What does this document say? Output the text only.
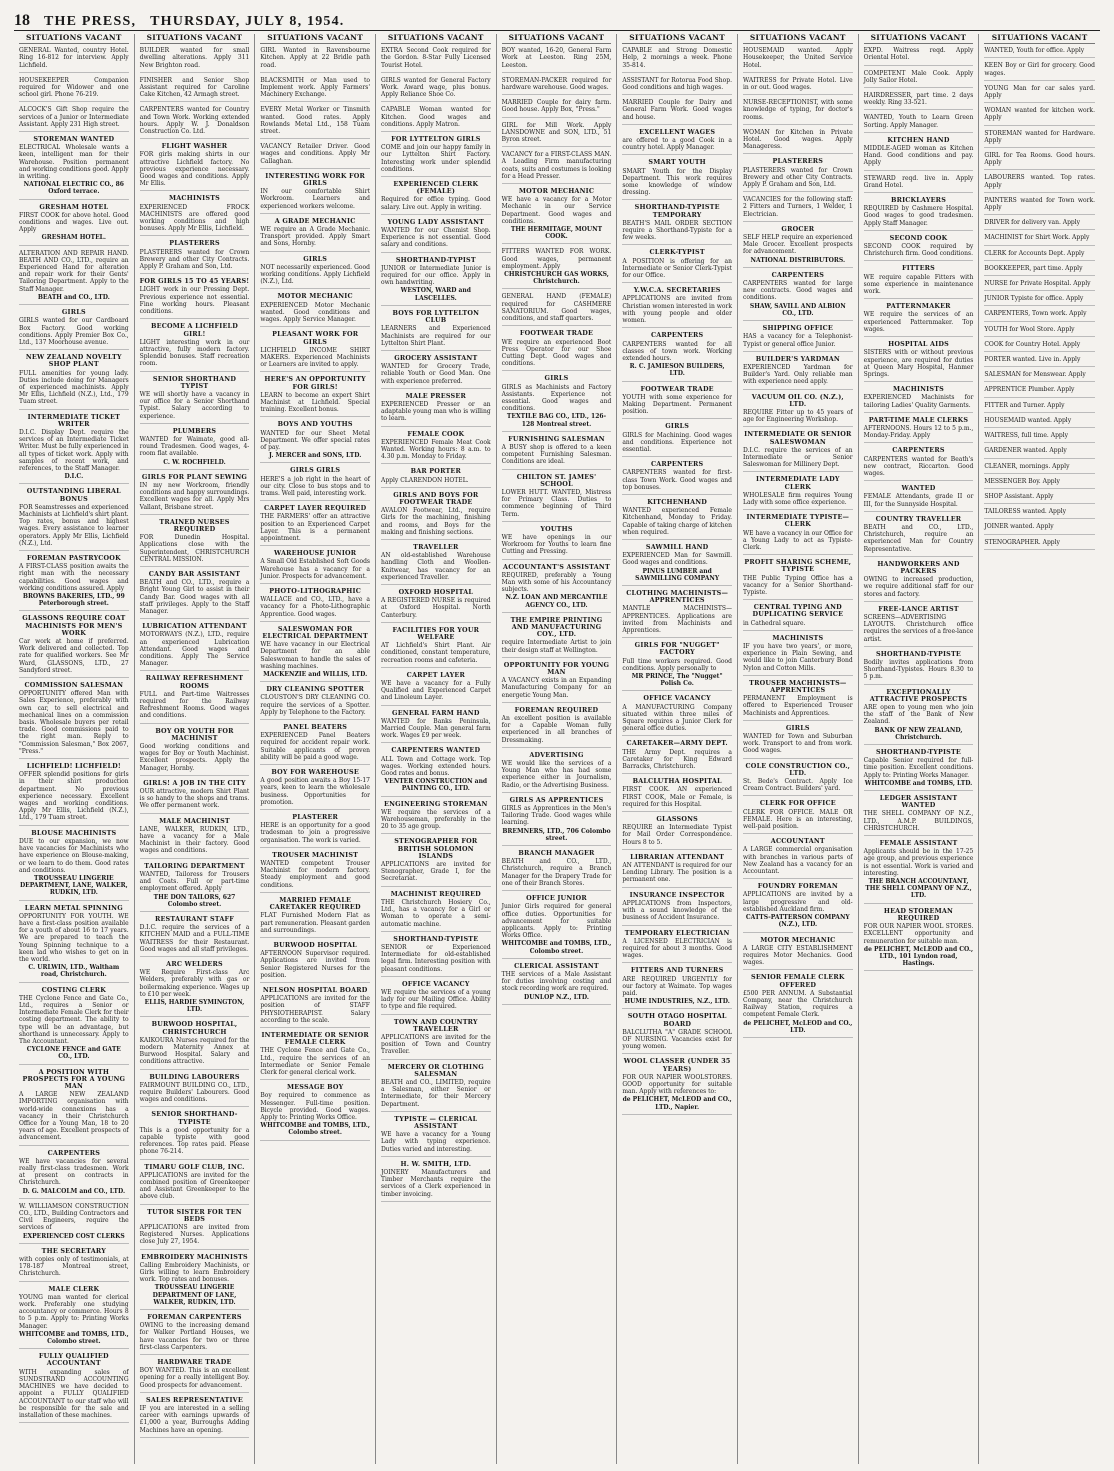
18 THE PRESS, THURSDAY, JULY 8, 1954.
SITUATIONS VACANT
GENERAL Wanted, country Hotel. Ring 16-812 for interview. Apply Lichfield.
HOUSEKEEPER Companion required for Widower and one school girl. Phone 76-219.
ALCOCK'S Gift Shop require the services of a Junior or Intermediate Assistant. Apply 231 High street.
STOREMAN WANTED
ELECTRICAL Wholesale wants a keen, intelligent man for their Warehouse. Position permanent and working conditions good. Apply in writing.
NATIONAL ELECTRIC CO., 86 Oxford terrace.
GRESHAM HOTEL
FIRST COOK for above hotel. Good conditions and wages. Live out. Apply
GRESHAM HOTEL.
ALTERATION AND REPAIR HAND. BEATH AND CO., LTD., require an Experienced Hand for alteration and repair work for their Gents' Tailoring Department. Apply to the Staff Manager.
BEATH and CO., LTD.
GIRLS
GIRLS wanted for our Cardboard Box Factory. Good working conditions. Apply Premier Box Co., Ltd., 137 Moorhouse avenue.
NEW ZEALAND NOVELTY SHOP PLANT
FULL amenities for young lady. Duties include doing for Managers of experienced machinists. Apply Mr Ellis, Lichfield (N.Z.), Ltd., 179 Tuam street.
INTERMEDIATE TICKET WRITER
D.I.C. Display Dept. require the services of an Intermediate Ticket Writer. Must be fully experienced in all types of ticket work. Apply with samples of recent work, and references, to the Staff Manager.
D.I.C.
OUTSTANDING LIBERAL BONUS
FOR Seamstresses and experienced Machinists at Lichfield's shirt plant. Top rates, bonus and highest wages. Every assistance to learner operators. Apply Mr Ellis, Lichfield (N.Z.), Ltd.
FOREMAN PASTRYCOOK
A FIRST-CLASS position awaits the right man with the necessary capabilities. Good wages and working conditions assured. Apply
BROWNS BAKERIES, LTD., 99 Peterborough street.
GLASSONS REQUIRE COAT MACHINISTS FOR MEN'S WORK
Car work at home if preferred. Work delivered and collected. Top rate for qualified workers. See Mr Ward, GLASSONS, LTD., 27 Sandyford street.
COMMISSION SALESMAN
OPPORTUNITY offered Man with Sales Experience, preferably with own car, to sell electrical and mechanical lines on a commission basis. Wholesale buyers per retail trade. Good commissions paid to the right man. Reply to "Commission Salesman," Box 2067, "Press."
LICHFIELD! LICHFIELD!
OFFER splendid positions for girls in their shirt production department. No previous experience necessary. Excellent wages and working conditions. Apply Mr Ellis, Lichfield (N.Z.), Ltd., 179 Tuam street.
BLOUSE MACHINISTS
DUE to our expansion, we now have vacancies for Machinists who have experience on Blouse-making, or we learn to do them. Good rates and conditions.
TROUSSEAU LINGERIE DEPARTMENT, LANE, WALKER, RUDKIN, LTD.
LEARN METAL SPINNING
OPPORTUNITY FOR YOUTH. WE have a first-class position available for a youth of about 16 to 17 years. We are prepared to teach the Young Spinning technique to a keen lad who wishes to get on in the world.
C. URLWIN, LTD., Waltham road, Christchurch.
COSTING CLERK
THE Cyclone Fence and Gate Co., Ltd., requires a Senior or Intermediate Female Clerk for their costing department. The ability to type will be an advantage, but shorthand is unnecessary. Apply to The Accountant.
CYCLONE FENCE and GATE CO., LTD.
A POSITION WITH PROSPECTS FOR A YOUNG MAN
A LARGE NEW ZEALAND IMPORTING organisation with world-wide connexions has a vacancy in their Christchurch Office for a Young Man, 18 to 20 years of age. Excellent prospects of advancement.
CARPENTERS
WE have vacancies for several really first-class tradesmen. Work at present on contracts in Christchurch.
D. G. MALCOLM and CO., LTD.
W. WILLIAMSON CONSTRUCTION CO., LTD., Building Contractors and Civil Engineers, require the services of
EXPERIENCED COST CLERKS
THE SECRETARY
with copies only of testimonials, at 178-187 Montreal street, Christchurch.
MALE CLERK
YOUNG man wanted for clerical work. Preferably one studying accountancy or commerce. Hours 8 to 5 p.m. Apply to: Printing Works Manager.
WHITCOMBE and TOMBS, LTD., Colombo street.
FULLY QUALIFIED ACCOUNTANT
WITH expanding sales of SUNDSTRAND ACCOUNTING MACHINES we have decided to appoint a FULLY QUALIFIED ACCOUNTANT to our staff who will be responsible for the sale and installation of these machines.
SITUATIONS VACANT
BUILDER wanted for small dwelling alterations. Apply 311 New Brighton road.
FINISHER and Senior Shop Assistant required for Caroline Cake Kitchen, 42 Armagh street.
CARPENTERS wanted for Country and Town Work. Working extended hours. Apply W. J. Donaldson Construction Co. Ltd.
FLIGHT WASHER
FOR girls making shirts in our attractive Lichfield factory. No previous experience necessary. Good wages and conditions. Apply Mr Ellis.
MACHINISTS
EXPERIENCED FROCK MACHINISTS are offered good working conditions and high bonuses. Apply Mr Ellis, Lichfield.
PLASTERERS
PLASTERERS wanted for Crown Brewery and other City Contracts. Apply P. Graham and Son, Ltd.
FOR GIRLS 15 TO 45 YEARS!
LIGHT work in our Pressing Dept. Previous experience not essential. Fine working hours. Pleasant conditions.
BECOME A LICHFIELD GIRL!
LIGHT interesting work in our attractive, fully modern factory. Splendid bonuses. Staff recreation room.
SENIOR SHORTHAND TYPIST
WE will shortly have a vacancy in our office for a Senior Shorthand Typist. Salary according to experience.
PLUMBERS
WANTED for Waimate, good all-round Tradesmen. Good wages, 4-room flat available.
C. W. ROCHFIELD.
GIRLS FOR PLANT SEWING
IN my new Workroom, friendly conditions and happy surroundings. Excellent wages for all. Apply Mrs Vallant, Brisbane street.
TRAINED NURSES REQUIRED
FOR Dunedin Hospital. Applications close with the Superintendent, CHRISTCHURCH CENTRAL MISSION.
CANDY BAR ASSISTANT
BEATH and CO., LTD., require a Bright Young Girl to assist in their Candy Bar. Good wages with all staff privileges. Apply to the Staff Manager.
LUBRICATION ATTENDANT
MOTORWAYS (N.Z.), LTD., require an experienced Lubrication Attendant. Good wages and conditions. Apply The Service Manager.
RAILWAY REFRESHMENT ROOMS
FULL and Part-time Waitresses required for the Railway Refreshment Rooms. Good wages and conditions.
BOY OR YOUTH FOR MACHINIST
Good working conditions and wages for Boy or Youth Machinist. Excellent prospects. Apply the Manager, Hornby.
GIRLS! A JOB IN THE CITY
OUR attractive, modern Shirt Plant is so handy to the shops and trams. We offer permanent work.
MALE MACHINIST
LANE, WALKER, RUDKIN, LTD., have a vacancy for a Male Machinist in their factory. Good wages and conditions.
TAILORING DEPARTMENT
WANTED, Tailoress for Trousers and Coats. Full or part-time employment offered. Apply
THE DON TAILORS, 627 Colombo street.
RESTAURANT STAFF
D.I.C. require the services of a KITCHEN MAID and a FULL-TIME WAITRESS for their Restaurant. Good wages and all staff privileges.
ARC WELDERS
WE Require First-class Arc Welders, preferably with gas or boilermaking experience. Wages up to £10 per week.
ELLIS, HARDIE SYMINGTON, LTD.
BURWOOD HOSPITAL, CHRISTCHURCH
KAIKOURA Nurses required for the modern Maternity Annex at Burwood Hospital. Salary and conditions attractive.
BUILDING LABOURERS
FAIRMOUNT BUILDING CO., LTD., require Builders' Labourers. Good wages and conditions.
SENIOR SHORTHAND-TYPISTE
This is a good opportunity for a capable typiste with good references. Top rates paid. Please phone 76-214.
TIMARU GOLF CLUB, INC.
APPLICATIONS are invited for the combined position of Greenkeeper and Assistant Greenkeeper to the above club.
TUTOR SISTER FOR TEN BEDS
APPLICATIONS are invited from Registered Nurses. Applications close July 27, 1954.
EMBROIDERY MACHINISTS
Calling Embroidery Machinists, or Girls willing to learn Embroidery work. Top rates and bonuses.
TROUSSEAU LINGERIE DEPARTMENT OF LANE, WALKER, RUDKIN, LTD.
FOREMAN CARPENTERS
OWING to the increasing demand for Walker Portland Houses, we have vacancies for two or three first-class Carpenters.
HARDWARE TRADE
BOY WANTED. This is an excellent opening for a really intelligent Boy. Good prospects for advancement.
SALES REPRESENTATIVE
IF you are interested in a selling career with earnings upwards of £1,000 a year, Burroughs Adding Machines have an opening.
SITUATIONS VACANT
GIRL Wanted in Ravensbourne Kitchen. Apply at 22 Bridle path road.
BLACKSMITH or Man used to Implement work. Apply Farmers' Machinery Exchange.
EVERY Metal Worker or Tinsmith wanted. Good rates. Apply Rowlands Metal Ltd., 158 Tuam street.
VACANCY Retailer Driver. Good wages and conditions. Apply Mr Callaghan.
INTERESTING WORK FOR GIRLS
IN our comfortable Shirt Workroom. Learners and experienced workers welcome.
A GRADE MECHANIC
WE require an A Grade Mechanic. Transport provided. Apply Smart and Sons, Hornby.
GIRLS
NOT necessarily experienced. Good working conditions. Apply Lichfield (N.Z.), Ltd.
MOTOR MECHANIC
EXPERIENCED Motor Mechanic wanted. Good conditions and wages. Apply Service Manager.
PLEASANT WORK FOR GIRLS
LICHFIELD INCOME SHIRT MAKERS. Experienced Machinists or Learners are invited to apply.
HERE'S AN OPPORTUNITY FOR GIRLS!
LEARN to become an expert Shirt Machinist at Lichfield. Special training. Excellent bonus.
BOYS AND YOUTHS
WANTED for our Sheet Metal Department. We offer special rates of pay.
J. MERCER and SONS, LTD.
GIRLS GIRLS
HERE'S a job right in the heart of our city. Close to bus stops and to trams. Well paid, interesting work.
CARPET LAYER REQUIRED
THE FARMERS' offer an attractive position to an Experienced Carpet Layer. This is a permanent appointment.
WAREHOUSE JUNIOR
A Small Old Established Soft Goods Warehouse has a vacancy for a Junior. Prospects for advancement.
PHOTO-LITHOGRAPHIC
WALLACE and CO., LTD., have a vacancy for a Photo-Lithographic Apprentice. Good wages.
SALESWOMAN FOR ELECTRICAL DEPARTMENT
WE have vacancy in our Electrical Department for an able Saleswoman to handle the sales of washing machines.
MACKENZIE and WILLIS, LTD.
DRY CLEANING SPOTTER
CLOUSTON'S DRY CLEANING CO. require the services of a Spotter. Apply by Telephone to the Factory.
PANEL BEATERS
EXPERIENCED Panel Beaters required for accident repair work. Suitable applicants of proven ability will be paid a good wage.
BOY FOR WAREHOUSE
A good position awaits a Boy 15-17 years, keen to learn the wholesale business. Opportunities for promotion.
PLASTERER
HERE is an opportunity for a good tradesman to join a progressive organisation. The work is varied.
TROUSER MACHINIST
WANTED competent Trouser Machinist for modern factory. Steady employment and good conditions.
MARRIED FEMALE CARETAKER REQUIRED
FLAT Furnished Modern Flat as part remuneration. Pleasant garden and surroundings.
BURWOOD HOSPITAL
AFTERNOON Supervisor required. Applications are invited from Senior Registered Nurses for the position.
NELSON HOSPITAL BOARD
APPLICATIONS are invited for the position of STAFF PHYSIOTHERAPIST. Salary according to the scale.
INTERMEDIATE OR SENIOR FEMALE CLERK
THE Cyclone Fence and Gate Co., Ltd., require the services of an Intermediate or Senior Female Clerk for general clerical work.
MESSAGE BOY
Boy required to commence as Messenger. Full-time position. Bicycle provided. Good wages. Apply to: Printing Works Office.
WHITCOMBE and TOMBS, LTD., Colombo street.
SITUATIONS VACANT
EXTRA Second Cook required for the Gordon. 8-Star Fully Licensed Tourist Hotel.
GIRLS wanted for General Factory Work. Award wage, plus bonus. Apply Reliance Shoe Co.
CAPABLE Woman wanted for Kitchen. Good wages and conditions. Apply Matron.
FOR LYTTELTON GIRLS
COME and join our happy family in our Lyttelton Shirt Factory. Interesting work under splendid conditions.
EXPERIENCED CLERK (FEMALE)
Required for office typing. Good salary. Live out. Apply in writing.
YOUNG LADY ASSISTANT
WANTED for our Chemist Shop. Experience is not essential. Good salary and conditions.
SHORTHAND-TYPIST
JUNIOR or Intermediate Junior is required for our office. Apply in own handwriting.
WESTON, WARD and LASCELLES.
BOYS FOR LYTTELTON CLUB
LEARNERS and Experienced Machinists are required for our Lyttelton Shirt Plant.
GROCERY ASSISTANT
WANTED for Grocery Trade, reliable Youth or Good Man. One with experience preferred.
MALE PRESSER
EXPERIENCED Presser or an adaptable young man who is willing to learn.
FEMALE COOK
EXPERIENCED Female Meat Cook Wanted. Working hours: 8 a.m. to 4.30 p.m. Monday to Friday.
BAR PORTER
Apply CLARENDON HOTEL.
GIRLS AND BOYS FOR FOOTWEAR TRADE
AVALON Footwear, Ltd., require Girls for the machining, finishing and rooms, and Boys for the making and finishing sections.
TRAVELLER
AN old-established Warehouse handling Cloth and Woollen-Knitwear, has vacancy for an experienced Traveller.
OXFORD HOSPITAL
A REGISTERED NURSE is required at Oxford Hospital. North Canterbury.
FACILITIES FOR YOUR WELFARE
AT Lichfield's Shirt Plant. Air conditioned, constant temperature, recreation rooms and cafeteria.
CARPET LAYER
WE have a vacancy for a Fully Qualified and Experienced Carpet and Linoleum Layer.
GENERAL FARM HAND
WANTED for Banks Peninsula, Married Couple. Man general farm work. Wages £9 per week.
CARPENTERS WANTED
ALL Town and Cottage work. Top wages. Working extended hours. Good rates and bonus.
VENTER CONSTRUCTION and PAINTING CO., LTD.
ENGINEERING STOREMAN
WE require the services of a Warehouseman, preferably in the 20 to 35 age group.
STENOGRAPHER FOR BRITISH SOLOMON ISLANDS
APPLICATIONS are invited for Stenographer, Grade I, for the Secretariat.
MACHINIST REQUIRED
THE Christchurch Hosiery Co., Ltd., has a vacancy for a Girl or Woman to operate a semi-automatic machine.
SHORTHAND-TYPISTE
SENIOR or Experienced Intermediate for old-established legal firm. Interesting position with pleasant conditions.
OFFICE VACANCY
WE require the services of a young lady for our Mailing Office. Ability to type and file required.
TOWN AND COUNTRY TRAVELLER
APPLICATIONS are invited for the position of Town and Country Traveller.
MERCERY OR CLOTHING SALESMAN
BEATH and CO., LIMITED, require a Salesman, either Senior or Intermediate, for their Mercery Department.
TYPISTE — CLERICAL ASSISTANT
WE have a vacancy for a Young Lady with typing experience. Duties varied and interesting.
H. W. SMITH, LTD.
JOINERY Manufacturers and Timber Merchants require the services of a Clerk experienced in timber invoicing.
SITUATIONS VACANT
BOY wanted, 16-20, General Farm Work at Leeston. Ring 25M, Leeston.
STOREMAN-PACKER required for hardware warehouse. Good wages.
MARRIED Couple for dairy farm. Good house. Apply Box, "Press."
GIRL for Mill Work. Apply LANSDOWNE and SON, LTD., 51 Byron street.
VACANCY for a FIRST-CLASS MAN. A Leading Firm manufacturing coats, suits and costumes is looking for a Head Presser.
MOTOR MECHANIC
WE have a vacancy for a Motor Mechanic in our Service Department. Good wages and conditions.
THE HERMITAGE, MOUNT COOK.
FITTERS WANTED FOR WORK. Good wages, permanent employment. Apply
CHRISTCHURCH GAS WORKS, Christchurch.
GENERAL HAND (FEMALE) required for CASHMERE SANATORIUM. Good wages, conditions, and staff quarters.
FOOTWEAR TRADE
WE require an experienced Boot Press Operator for our Shoe Cutting Dept. Good wages and conditions.
GIRLS
GIRLS as Machinists and Factory Assistants. Experience not essential. Good wages and conditions.
TEXTILE BAG CO., LTD., 126-128 Montreal street.
FURNISHING SALESMAN
A BUSY shop is offered to a keen competent Furnishing Salesman. Conditions are ideal.
CHILTON ST. JAMES' SCHOOL
LOWER HUTT. WANTED, Mistress for Primary Class. Duties to commence beginning of Third Term.
YOUTHS
WE have openings in our Workroom for Youths to learn fine Cutting and Pressing.
ACCOUNTANT'S ASSISTANT
REQUIRED, preferably a Young Man with some of his Accountancy subjects.
N.Z. LOAN AND MERCANTILE AGENCY CO., LTD.
THE EMPIRE PRINTING AND MANUFACTURING COY., LTD.
require Intermediate Artist to join their design staff at Wellington.
OPPORTUNITY FOR YOUNG MAN
A VACANCY exists in an Expanding Manufacturing Company for an energetic Young Man.
FOREMAN REQUIRED
An excellent position is available for a Capable Woman fully experienced in all branches of Dressmaking.
ADVERTISING
WE would like the services of a Young Man who has had some experience either in Journalism, Radio, or the Advertising Business.
GIRLS AS APPRENTICES
GIRLS as Apprentices in the Men's Tailoring Trade. Good wages while learning.
BREMNERS, LTD., 706 Colombo street.
BRANCH MANAGER
BEATH and CO., LTD., Christchurch, require a Branch Manager for the Drapery Trade for one of their Branch Stores.
OFFICE JUNIOR
Junior Girls required for general office duties. Opportunities for advancement for suitable applicants. Apply to: Printing Works Office.
WHITCOMBE and TOMBS, LTD., Colombo street.
CLERICAL ASSISTANT
THE services of a Male Assistant for duties involving costing and stock recording work are required.
DUNLOP N.Z., LTD.
SITUATIONS VACANT
CAPABLE and Strong Domestic Help, 2 mornings a week. Phone 35-814.
ASSISTANT for Rotorua Food Shop. Good conditions and high wages.
MARRIED Couple for Dairy and General Farm Work. Good wages and house.
EXCELLENT WAGES
are offered to a good Cook in a country hotel. Apply Manager.
SMART YOUTH
SMART Youth for the Display Department. This work requires some knowledge of window dressing.
SHORTHAND-TYPISTE TEMPORARY
BEATH'S MAIL ORDER SECTION require a Shorthand-Typiste for a few weeks.
CLERK-TYPIST
A POSITION is offering for an Intermediate or Senior Clerk-Typist for our Office.
Y.W.C.A. SECRETARIES
APPLICATIONS are invited from Christian women interested in work with young people and older women.
CARPENTERS
CARPENTERS wanted for all classes of town work. Working extended hours.
R. C. JAMIESON BUILDERS, LTD.
FOOTWEAR TRADE
YOUTH with some experience for Making Department. Permanent position.
GIRLS
GIRLS for Machining. Good wages and conditions. Experience not essential.
CARPENTERS
CARPENTERS wanted for first-class Town Work. Good wages and top bonuses.
KITCHENHAND
WANTED experienced Female Kitchenhand, Monday to Friday. Capable of taking charge of kitchen when required.
SAWMILL HAND
EXPERIENCED Man for Sawmill. Good wages and conditions.
PINUS LUMBER and SAWMILLING COMPANY
CLOTHING MACHINISTS—APPRENTICES
MANTLE MACHINISTS—APPRENTICES. Applications are invited from Machinists and Apprentices.
GIRLS FOR "NUGGET" FACTORY
Full time workers required. Good conditions. Apply personally to
MR PRINCE, The "Nugget" Polish Co.
OFFICE VACANCY
A MANUFACTURING Company situated within three miles of Square requires a Junior Clerk for general office duties.
CARETAKER—ARMY DEPT.
THE Army Dept. requires a Caretaker for King Edward Barracks, Christchurch.
BALCLUTHA HOSPITAL
FIRST COOK. AN experienced FIRST COOK, Male or Female, is required for this Hospital.
GLASSONS
REQUIRE an Intermediate Typist for Mail Order Correspondence. Hours 8 to 5.
LIBRARIAN ATTENDANT
AN ATTENDANT is required for our Lending Library. The position is a permanent one.
INSURANCE INSPECTOR
APPLICATIONS from Inspectors, with a sound knowledge of the business of Accident Insurance.
TEMPORARY ELECTRICIAN
A LICENSED ELECTRICIAN is required for about 3 months. Good wages.
FITTERS AND TURNERS
ARE REQUIRED URGENTLY for our factory at Waimate. Top wages paid.
HUME INDUSTRIES, N.Z., LTD.
SOUTH OTAGO HOSPITAL BOARD
BALCLUTHA "A" GRADE SCHOOL OF NURSING. Vacancies exist for young women.
WOOL CLASSER (UNDER 35 YEARS)
FOR OUR NAPIER WOOLSTORES. GOOD opportunity for suitable man. Apply with references to:
de PELICHET, McLEOD and CO., LTD., Napier.
SITUATIONS VACANT
HOUSEMAID wanted. Apply Housekeeper, the United Service Hotel.
WAITRESS for Private Hotel. Live in or out. Good wages.
NURSE-RECEPTIONIST, with some knowledge of typing, for doctor's rooms.
WOMAN for Kitchen in Private Hotel. Good wages. Apply Manageress.
PLASTERERS
PLASTERERS wanted for Crown Brewery and other City Contracts. Apply P. Graham and Son, Ltd.
VACANCIES for the following staff: 2 Fitters and Turners, 1 Welder, 1 Electrician.
GROCER
SELF HELP require an experienced Male Grocer. Excellent prospects for advancement.
NATIONAL DISTRIBUTORS.
CARPENTERS
CARPENTERS wanted for large new contracts. Good wages and conditions.
SHAW, SAVILL AND ALBION CO., LTD.
SHIPPING OFFICE
HAS a vacancy for a Telephonist-Typist or general office Junior.
BUILDER'S YARDMAN
EXPERIENCED Yardman for Builder's Yard. Only reliable man with experience need apply.
VACUUM OIL CO. (N.Z.), LTD.
REQUIRE Fitter up to 45 years of age for Engineering Workshop.
INTERMEDIATE OR SENIOR SALESWOMAN
D.I.C. require the services of an Intermediate or Senior Saleswoman for Millinery Dept.
INTERMEDIATE LADY CLERK
WHOLESALE firm requires Young Lady with some office experience.
INTERMEDIATE TYPISTE—CLERK
WE have a vacancy in our Office for a Young Lady to act as Typiste-Clerk.
PROFIT SHARING SCHEME, TYPISTE
THE Public Typing Office has a vacancy for a Senior Shorthand-Typiste.
CENTRAL TYPING AND DUPLICATING SERVICE
in Cathedral square.
MACHINISTS
IF you have two years', or more, experience in Plain Sewing, and would like to join Canterbury Bond Nylon and Cotton Mills.
TROUSER MACHINISTS—APPRENTICES
PERMANENT Employment is offered to Experienced Trouser Machinists and Apprentices.
GIRLS
WANTED for Town and Suburban work. Transport to and from work. Good wages.
COLE CONSTRUCTION CO., LTD.
St. Bede's Contract. Apply Ice Cream Contract. Builders' yard.
CLERK FOR OFFICE
CLERK FOR OFFICE. MALE OR FEMALE. Here is an interesting, well-paid position.
ACCOUNTANT
A LARGE commercial organisation with branches in various parts of New Zealand has a vacancy for an Accountant.
FOUNDRY FOREMAN
APPLICATIONS are invited by a large progressive and old-established Auckland firm.
CATTS-PATTERSON COMPANY (N.Z.), LTD.
MOTOR MECHANIC
A LARGE CITY ESTABLISHMENT requires Motor Mechanics. Good wages.
SENIOR FEMALE CLERK OFFERED
£500 PER ANNUM. A Substantial Company, near the Christchurch Railway Station, requires a competent Female Clerk.
de PELICHET, McLEOD and CO., LTD.
SITUATIONS VACANT
EXPD. Waitress reqd. Apply Oriental Hotel.
COMPETENT Male Cook. Apply Jolly Sailor Hotel.
HAIRDRESSER, part time. 2 days weekly. Ring 33-521.
WANTED, Youth to Learn Green Sorting. Apply Manager.
KITCHEN HAND
MIDDLE-AGED woman as Kitchen Hand. Good conditions and pay. Apply
STEWARD reqd. live in. Apply Grand Hotel.
BRICKLAYERS
REQUIRED by Cashmere Hospital. Good wages to good tradesmen. Apply Staff Manager.
SECOND COOK
SECOND COOK required by Christchurch firm. Good conditions.
FITTERS
WE require capable Fitters with some experience in maintenance work.
PATTERNMAKER
WE require the services of an experienced Patternmaker. Top wages.
HOSPITAL AIDS
SISTERS with or without previous experience, are required for duties at Queen Mary Hospital, Hanmer Springs.
MACHINISTS
EXPERIENCED Machinists for tailoring Ladies' Quality Garments.
PART-TIME MALE CLERKS
AFTERNOONS. Hours 12 to 5 p.m., Monday-Friday. Apply
CARPENTERS
CARPENTERS wanted for Beath's new contract, Riccarton. Good wages.
WANTED
FEMALE Attendants, grade II or III, for the Sunnyside Hospital.
COUNTRY TRAVELLER
BEATH and CO., LTD., Christchurch, require an experienced Man for Country Representative.
HANDWORKERS AND PACKERS
OWING to increased production, we require additional staff for our stores and factory.
FREE-LANCE ARTIST
SCREENS—ADVERTISING LAYOUTS. Christchurch office requires the services of a free-lance artist.
SHORTHAND-TYPISTE
Bodily invites applications from Shorthand-Typistes. Hours 8.30 to 5 p.m.
EXCEPTIONALLY ATTRACTIVE PROSPECTS
ARE open to young men who join the staff of the Bank of New Zealand.
BANK OF NEW ZEALAND, Christchurch.
SHORTHAND-TYPISTE
Capable Senior required for full-time position. Excellent conditions. Apply to: Printing Works Manager.
WHITCOMBE and TOMBS, LTD.
LEDGER ASSISTANT WANTED
THE SHELL COMPANY OF N.Z., LTD., A.M.P. BUILDINGS, CHRISTCHURCH.
FEMALE ASSISTANT
Applicants should be in the 17-25 age group, and previous experience is not essential. Work is varied and interesting.
THE BRANCH ACCOUNTANT, THE SHELL COMPANY OF N.Z., LTD.
HEAD STOREMAN REQUIRED
FOR OUR NAPIER WOOL STORES. EXCELLENT opportunity and remuneration for suitable man.
de PELICHET, McLEOD and CO., LTD., 101 Lyndon road, Hastings.
SITUATIONS VACANT
WANTED, Youth for office. Apply
KEEN Boy or Girl for grocery. Good wages.
YOUNG Man for car sales yard. Apply
WOMAN wanted for kitchen work. Apply
STOREMAN wanted for Hardware. Apply
GIRL for Tea Rooms. Good hours. Apply
LABOURERS wanted. Top rates. Apply
PAINTERS wanted for Town work. Apply
DRIVER for delivery van. Apply
MACHINIST for Shirt Work. Apply
CLERK for Accounts Dept. Apply
BOOKKEEPER, part time. Apply
NURSE for Private Hospital. Apply
JUNIOR Typiste for office. Apply
CARPENTERS, Town work. Apply
YOUTH for Wool Store. Apply
COOK for Country Hotel. Apply
PORTER wanted. Live in. Apply
SALESMAN for Menswear. Apply
APPRENTICE Plumber. Apply
FITTER and Turner. Apply
HOUSEMAID wanted. Apply
WAITRESS, full time. Apply
GARDENER wanted. Apply
CLEANER, mornings. Apply
MESSENGER Boy. Apply
SHOP Assistant. Apply
TAILORESS wanted. Apply
JOINER wanted. Apply
STENOGRAPHER. Apply
